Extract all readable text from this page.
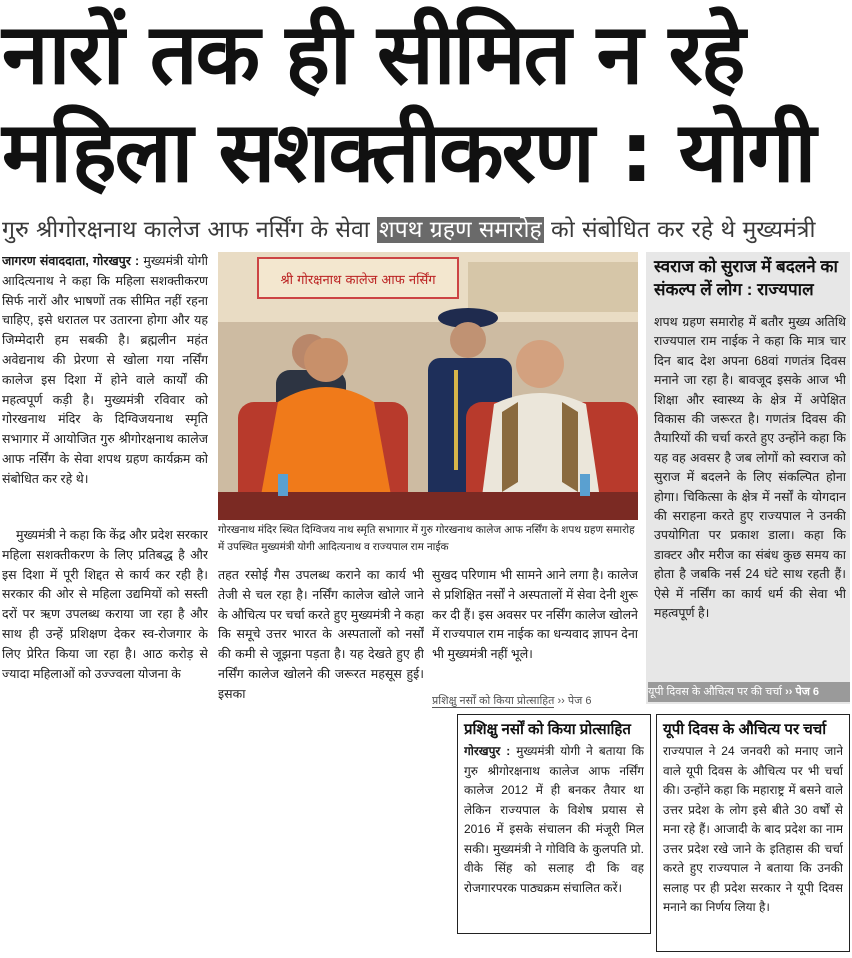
नारों तक ही सीमित न रहे
महिला सशक्तीकरण : योगी
गुरु श्रीगोरक्षनाथ कालेज आफ नर्सिंग के सेवा शपथ ग्रहण समारोह को संबोधित कर रहे थे मुख्यमंत्री
जागरण संवाददाता, गोरखपुर : मुख्यमंत्री योगी आदित्यनाथ ने कहा कि महिला सशक्तीकरण सिर्फ नारों और भाषणों तक सीमित नहीं रहना चाहिए, इसे धरातल पर उतारना होगा और यह जिम्मेदारी हम सबकी है। ब्रह्मलीन महंत अवेद्यनाथ की प्रेरणा से खोला गया नर्सिंग कालेज इस दिशा में होने वाले कार्यों की महत्वपूर्ण कड़ी है। मुख्यमंत्री रविवार को गोरखनाथ मंदिर के दिग्विजयनाथ स्मृति सभागार में आयोजित गुरु श्रीगोरक्षनाथ कालेज आफ नर्सिंग के सेवा शपथ ग्रहण कार्यक्रम को संबोधित कर रहे थे।
मुख्यमंत्री ने कहा कि केंद्र और प्रदेश सरकार महिला सशक्तीकरण के लिए प्रतिबद्ध है और इस दिशा में पूरी शिद्दत से कार्य कर रही है। सरकार की ओर से महिला उद्यमियों को सस्ती दरों पर ऋण उपलब्ध कराया जा रहा है और साथ ही उन्हें प्रशिक्षण देकर स्व-रोजगार के लिए प्रेरित किया जा रहा है। आठ करोड़ से ज्यादा महिलाओं को उज्ज्वला योजना के
श्री गोरक्षनाथ कालेज आफ नर्सिंग
गोरखनाथ मंदिर स्थित दिग्विजय नाथ स्मृति सभागार में गुरु गोरखनाथ कालेज आफ नर्सिंग के शपथ ग्रहण समारोह में उपस्थित मुख्यमंत्री योगी आदित्यनाथ व राज्यपाल राम नाईक
तहत रसोई गैस उपलब्ध कराने का कार्य भी तेजी से चल रहा है। नर्सिंग कालेज खोले जाने के औचित्य पर चर्चा करते हुए मुख्यमंत्री ने कहा कि समूचे उत्तर भारत के अस्पतालों को नर्सों की कमी से जूझना पड़ता है। यह देखते हुए ही नर्सिंग कालेज खोलने की जरूरत महसूस हुई। इसका
सुखद परिणाम भी सामने आने लगा है। कालेज से प्रशिक्षित नर्सों ने अस्पतालों में सेवा देनी शुरू कर दी हैं। इस अवसर पर नर्सिंग कालेज खोलने में राज्यपाल राम नाईक का धन्यवाद ज्ञापन देना भी मुख्यमंत्री नहीं भूले।
प्रशिक्षु नर्सों को किया प्रोत्साहित ›› पेज 6
स्वराज को सुराज में बदलने का संकल्प लें लोग : राज्यपाल
शपथ ग्रहण समारोह में बतौर मुख्य अतिथि राज्यपाल राम नाईक ने कहा कि मात्र चार दिन बाद देश अपना 68वां गणतंत्र दिवस मनाने जा रहा है। बावजूद इसके आज भी शिक्षा और स्वास्थ्य के क्षेत्र में अपेक्षित विकास की जरूरत है। गणतंत्र दिवस की तैयारियों की चर्चा करते हुए उन्होंने कहा कि यह वह अवसर है जब लोगों को स्वराज को सुराज में बदलने के लिए संकल्पित होना होगा। चिकित्सा के क्षेत्र में नर्सों के योगदान की सराहना करते हुए राज्यपाल ने उनकी उपयोगिता पर प्रकाश डाला। कहा कि डाक्टर और मरीज का संबंध कुछ समय का होता है जबकि नर्स 24 घंटे साथ रहती हैं। ऐसे में नर्सिंग का कार्य धर्म की सेवा भी महत्वपूर्ण है।
यूपी दिवस के औचित्य पर की चर्चा ›› पेज 6
प्रशिक्षु नर्सों को किया प्रोत्साहित
गोरखपुर : मुख्यमंत्री योगी ने बताया कि गुरु श्रीगोरक्षनाथ कालेज आफ नर्सिंग कालेज 2012 में ही बनकर तैयार था लेकिन राज्यपाल के विशेष प्रयास से 2016 में इसके संचालन की मंजूरी मिल सकी। मुख्यमंत्री ने गोविवि के कुलपति प्रो. वीके सिंह को सलाह दी कि वह रोजगारपरक पाठ्यक्रम संचालित करें।
यूपी दिवस के औचित्य पर चर्चा
राज्यपाल ने 24 जनवरी को मनाए जाने वाले यूपी दिवस के औचित्य पर भी चर्चा की। उन्होंने कहा कि महाराष्ट्र में बसने वाले उत्तर प्रदेश के लोग इसे बीते 30 वर्षों से मना रहे हैं। आजादी के बाद प्रदेश का नाम उत्तर प्रदेश रखे जाने के इतिहास की चर्चा करते हुए राज्यपाल ने बताया कि उनकी सलाह पर ही प्रदेश सरकार ने यूपी दिवस मनाने का निर्णय लिया है।
